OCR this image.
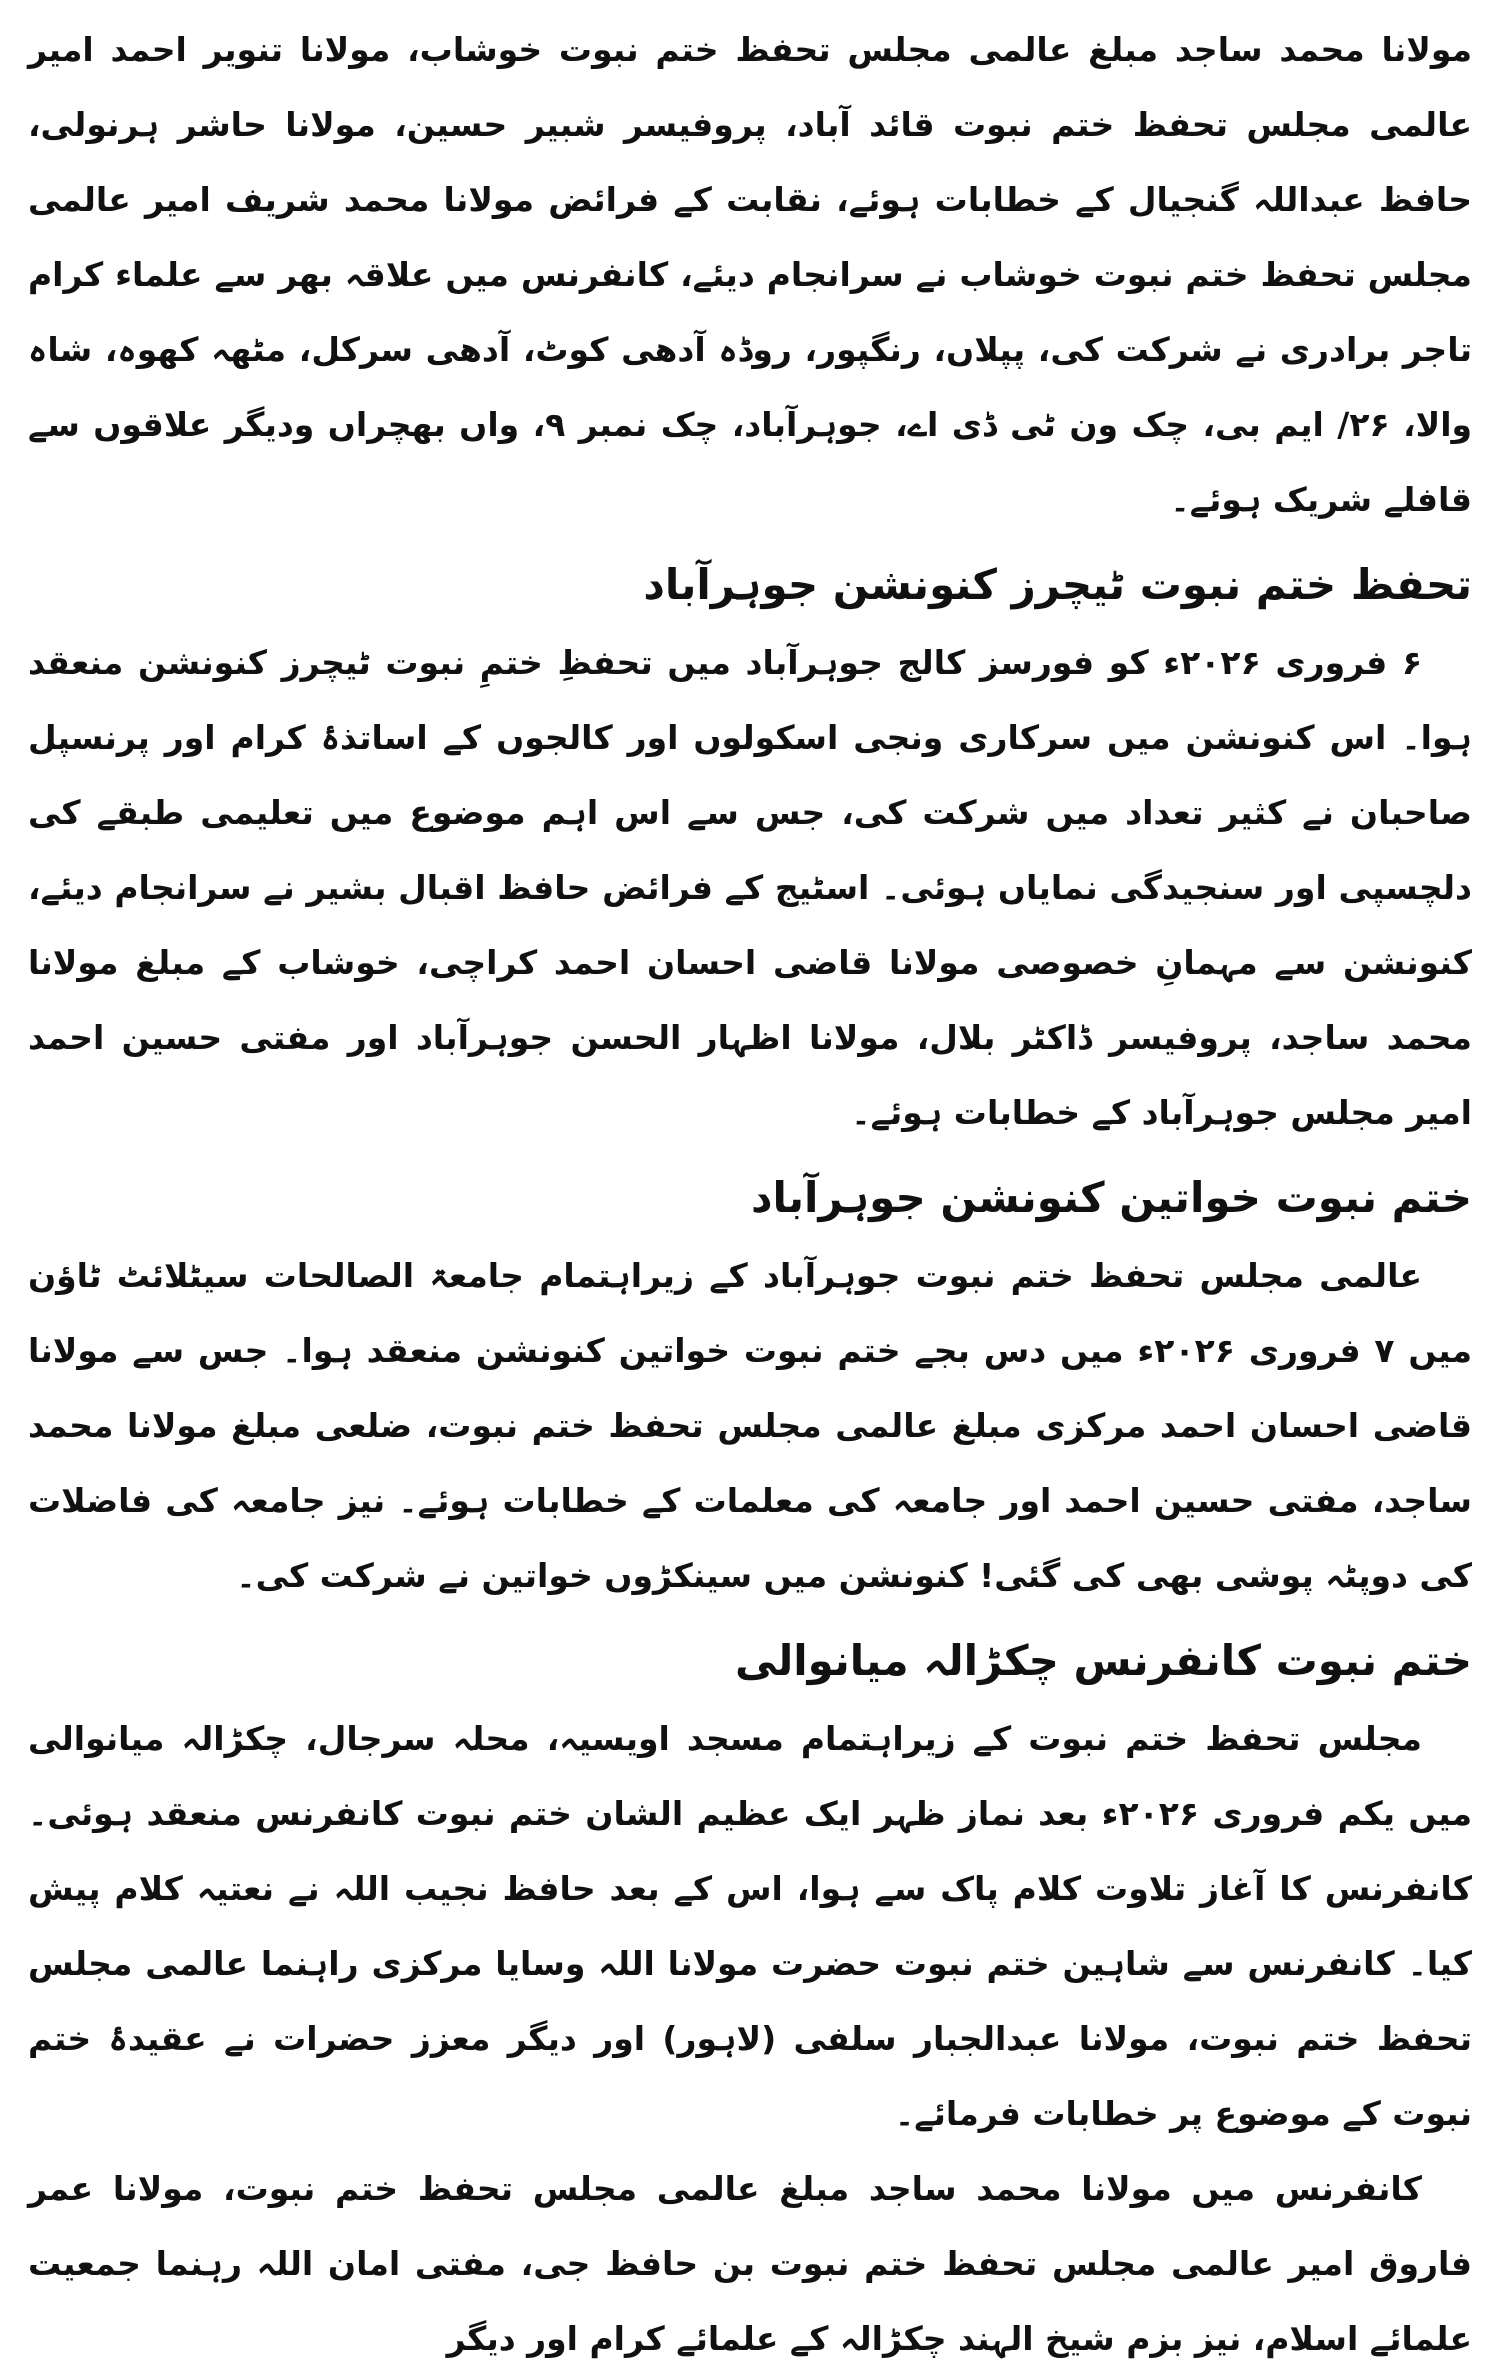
مولانا محمد ساجد مبلغ عالمی مجلس تحفظ ختم نبوت خوشاب، مولانا تنویر احمد امیر عالمی مجلس تحفظ ختم نبوت قائد آباد، پروفیسر شبیر حسین، مولانا حاشر ہرنولی، حافظ عبداللہ گنجیال کے خطابات ہوئے، نقابت کے فرائض مولانا محمد شریف امیر عالمی مجلس تحفظ ختم نبوت خوشاب نے سرانجام دیئے، کانفرنس میں علاقہ بھر سے علماء کرام تاجر برادری نے شرکت کی، پپلاں، رنگپور، روڈہ آدھی کوٹ، آدھی سرکل، مٹھہ کھوہ، شاہ والا، ۲۶/ ایم بی، چک ون ٹی ڈی اے، جوہرآباد، چک نمبر ۹، واں بھچراں ودیگر علاقوں سے قافلے شریک ہوئے۔

تحفظ ختم نبوت ٹیچرز کنونشن جوہرآباد

۶ فروری ۲۰۲۶ء کو فورسز کالج جوہرآباد میں تحفظِ ختمِ نبوت ٹیچرز کنونشن منعقد ہوا۔ اس کنونشن میں سرکاری ونجی اسکولوں اور کالجوں کے اساتذۂ کرام اور پرنسپل صاحبان نے کثیر تعداد میں شرکت کی، جس سے اس اہم موضوع میں تعلیمی طبقے کی دلچسپی اور سنجیدگی نمایاں ہوئی۔ اسٹیج کے فرائض حافظ اقبال بشیر نے سرانجام دیئے، کنونشن سے مہمانِ خصوصی مولانا قاضی احسان احمد کراچی، خوشاب کے مبلغ مولانا محمد ساجد، پروفیسر ڈاکٹر بلال، مولانا اظہار الحسن جوہرآباد اور مفتی حسین احمد امیر مجلس جوہرآباد کے خطابات ہوئے۔

ختم نبوت خواتین کنونشن جوہرآباد

عالمی مجلس تحفظ ختم نبوت جوہرآباد کے زیراہتمام جامعۃ الصالحات سیٹلائٹ ٹاؤن میں ۷ فروری ۲۰۲۶ء میں دس بجے ختم نبوت خواتین کنونشن منعقد ہوا۔ جس سے مولانا قاضی احسان احمد مرکزی مبلغ عالمی مجلس تحفظ ختم نبوت، ضلعی مبلغ مولانا محمد ساجد، مفتی حسین احمد اور جامعہ کی معلمات کے خطابات ہوئے۔ نیز جامعہ کی فاضلات کی دوپٹہ پوشی بھی کی گئی! کنونشن میں سینکڑوں خواتین نے شرکت کی۔

ختم نبوت کانفرنس چکڑالہ میانوالی

مجلس تحفظ ختم نبوت کے زیراہتمام مسجد اویسیہ، محلہ سرجال، چکڑالہ میانوالی میں یکم فروری ۲۰۲۶ء بعد نماز ظہر ایک عظیم الشان ختم نبوت کانفرنس منعقد ہوئی۔ کانفرنس کا آغاز تلاوت کلام پاک سے ہوا، اس کے بعد حافظ نجیب اللہ نے نعتیہ کلام پیش کیا۔ کانفرنس سے شاہین ختم نبوت حضرت مولانا اللہ وسایا مرکزی راہنما عالمی مجلس تحفظ ختم نبوت، مولانا عبدالجبار سلفی (لاہور) اور دیگر معزز حضرات نے عقیدۂ ختم نبوت کے موضوع پر خطابات فرمائے۔

کانفرنس میں مولانا محمد ساجد مبلغ عالمی مجلس تحفظ ختم نبوت، مولانا عمر فاروق امیر عالمی مجلس تحفظ ختم نبوت بن حافظ جی، مفتی امان اللہ رہنما جمعیت علمائے اسلام، نیز بزم شیخ الہند چکڑالہ کے علمائے کرام اور دیگر
